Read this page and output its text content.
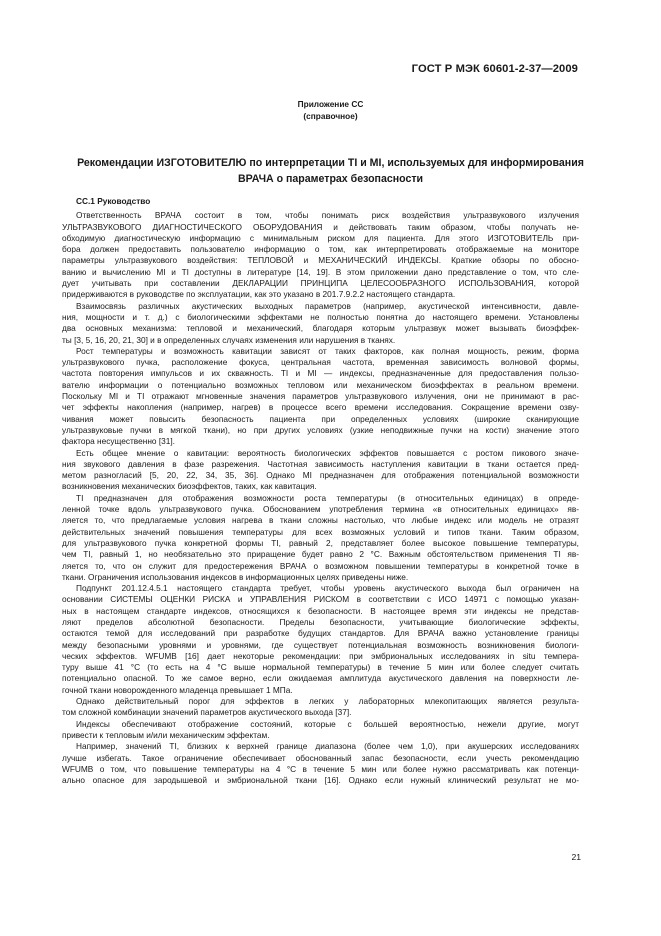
ГОСТ Р МЭК 60601-2-37—2009
Приложение СС
(справочное)
Рекомендации ИЗГОТОВИТЕЛЮ по интерпретации TI и MI, используемых для информирования
ВРАЧА о параметрах безопасности
СС.1 Руководство
Ответственность ВРАЧА состоит в том, чтобы понимать риск воздействия ультразвукового излучения
УЛЬТРАЗВУКОВОГО ДИАГНОСТИЧЕСКОГО ОБОРУДОВАНИЯ и действовать таким образом, чтобы получать не-
обходимую диагностическую информацию с минимальным риском для пациента. Для этого ИЗГОТОВИТЕЛЬ при-
бора должен предоставить пользователю информацию о том, как интерпретировать отображаемые на мониторе
параметры ультразвукового воздействия: ТЕПЛОВОЙ и МЕХАНИЧЕСКИЙ ИНДЕКСЫ. Краткие обзоры по обосно-
ванию и вычислению MI и TI доступны в литературе [14, 19]. В этом приложении дано представление о том, что сле-
дует учитывать при составлении ДЕКЛАРАЦИИ ПРИНЦИПА ЦЕЛЕСООБРАЗНОГО ИСПОЛЬЗОВАНИЯ, которой
придерживаются в руководстве по эксплуатации, как это указано в 201.7.9.2.2 настоящего стандарта.
Взаимосвязь различных акустических выходных параметров (например, акустической интенсивности, давле-
ния, мощности и т. д.) с биологическими эффектами не полностью понятна до настоящего времени. Установлены
два основных механизма: тепловой и механический, благодаря которым ультразвук может вызывать биоэффек-
ты [3, 5, 16, 20, 21, 30] и в определенных случаях изменения или нарушения в тканях.
Рост температуры и возможность кавитации зависят от таких факторов, как полная мощность, режим, форма
ультразвукового пучка, расположение фокуса, центральная частота, временная зависимость волновой формы,
частота повторения импульсов и их скважность. TI и MI — индексы, предназначенные для предоставления пользо-
вателю информации о потенциально возможных тепловом или механическом биоэффектах в реальном времени.
Поскольку MI и TI отражают мгновенные значения параметров ультразвукового излучения, они не принимают в рас-
чет эффекты накопления (например, нагрев) в процессе всего времени исследования. Сокращение времени озву-
чивания может повысить безопасность пациента при определенных условиях (широкие сканирующие
ультразвуковые пучки в мягкой ткани), но при других условиях (узкие неподвижные пучки на кости) значение этого
фактора несущественно [31].
Есть общее мнение о кавитации: вероятность биологических эффектов повышается с ростом пикового значе-
ния звукового давления в фазе разрежения. Частотная зависимость наступления кавитации в ткани остается пред-
метом разногласий [5, 20, 22, 34, 35, 36]. Однако MI предназначен для отображения потенциальной возможности
возникновения механических биоэффектов, таких, как кавитация.
TI предназначен для отображения возможности роста температуры (в относительных единицах) в опреде-
ленной точке вдоль ультразвукового пучка. Обоснованием употребления термина «в относительных единицах» яв-
ляется то, что предлагаемые условия нагрева в ткани сложны настолько, что любые индекс или модель не отразят
действительных значений повышения температуры для всех возможных условий и типов ткани. Таким образом,
для ультразвукового пучка конкретной формы TI, равный 2, представляет более высокое повышение температуры,
чем TI, равный 1, но необязательно это приращение будет равно 2 °С. Важным обстоятельством применения TI яв-
ляется то, что он служит для предостережения ВРАЧА о возможном повышении температуры в конкретной точке в
ткани. Ограничения использования индексов в информационных целях приведены ниже.
Подпункт 201.12.4.5.1 настоящего стандарта требует, чтобы уровень акустического выхода был ограничен на
основании СИСТЕМЫ ОЦЕНКИ РИСКА и УПРАВЛЕНИЯ РИСКОМ в соответствии с ИСО 14971 с помощью указан-
ных в настоящем стандарте индексов, относящихся к безопасности. В настоящее время эти индексы не представ-
ляют пределов абсолютной безопасности. Пределы безопасности, учитывающие биологические эффекты,
остаются темой для исследований при разработке будущих стандартов. Для ВРАЧА важно установление границы
между безопасными уровнями и уровнями, где существует потенциальная возможность возникновения биологи-
ческих эффектов. WFUMB [16] дает некоторые рекомендации: при эмбриональных исследованиях in situ темпера-
туру выше 41 °С (то есть на 4 °С выше нормальной температуры) в течение 5 мин или более следует считать
потенциально опасной. То же самое верно, если ожидаемая амплитуда акустического давления на поверхности ле-
гочной ткани новорожденного младенца превышает 1 МПа.
Однако действительный порог для эффектов в легких у лабораторных млекопитающих является результа-
том сложной комбинации значений параметров акустического выхода [37].
Индексы обеспечивают отображение состояний, которые с большей вероятностью, нежели другие, могут
привести к тепловым и/или механическим эффектам.
Например, значений TI, близких к верхней границе диапазона (более чем 1,0), при акушерских исследованиях
лучше избегать. Такое ограничение обеспечивает обоснованный запас безопасности, если учесть рекомендацию
WFUMB о том, что повышение температуры на 4 °С в течение 5 мин или более нужно рассматривать как потенци-
ально опасное для зародышевой и эмбриональной ткани [16]. Однако если нужный клинический результат не мо-
21
